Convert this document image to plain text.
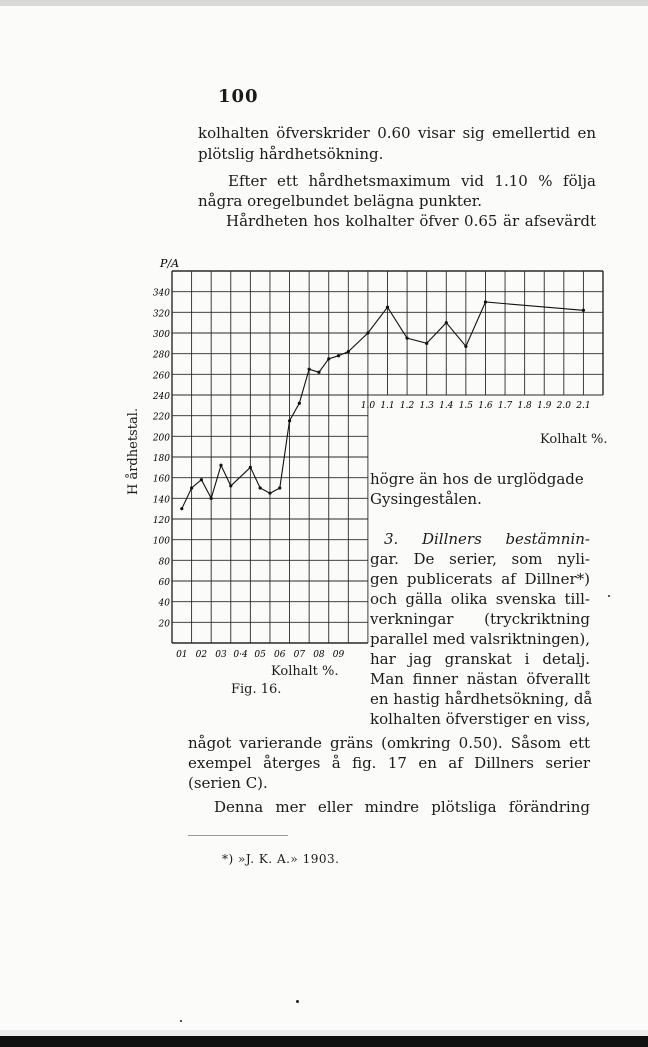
100
kolhalten öfverskrider 0.60 visar sig emellertid en
plötslig hårdhetsökning.
Efter ett hårdhetsmaximum vid 1.10 % följa
några oregelbundet belägna punkter.
Hårdheten hos kolhalter öfver 0.65 är afsevärdt
20
40
60
80
100
120
140
160
180
200
220
240
260
280
300
320
340
01 02 03 0·4 05 06 07 08 09
1.0 1.1 1.2 1.3 1.4 1.5 1.6 1.7 1.8 1.9 2.0 2.1
P/A
H årdhetstal.	Kolhalt %.
Kolhalt %.
Fig. 16.
högre än hos de urglödgade
Gysingestålen.
3. Dillners bestämnin-
gar. De serier, som nyli-
gen publicerats af Dillner*)
och gälla olika svenska till-
verkningar (tryckriktning
parallel med valsriktningen),
har jag granskat i detalj.
Man finner nästan öfverallt
en hastig hårdhetsökning, då
kolhalten öfverstiger en viss,
något varierande gräns (omkring 0.50). Såsom ett
exempel återges å fig. 17 en af Dillners serier
(serien C).
Denna mer eller mindre plötsliga förändring
*) »J. K. A.» 1903.
